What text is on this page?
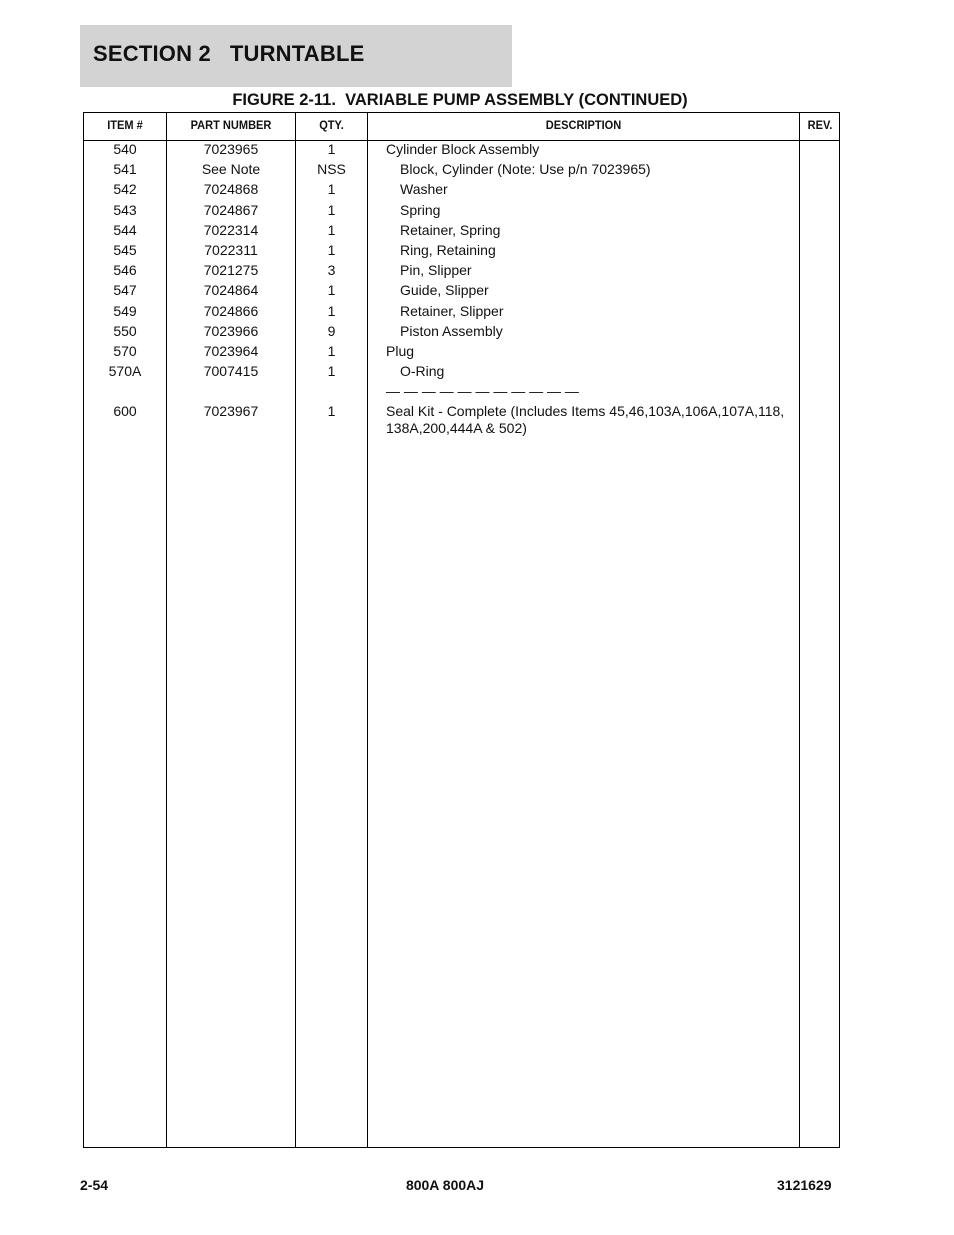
SECTION 2   TURNTABLE
FIGURE 2-11.  VARIABLE PUMP ASSEMBLY (CONTINUED)
ITEM #	PART NUMBER	QTY.	DESCRIPTION	REV.
540	7023965	1	Cylinder Block Assembly
541	See Note	NSS	Block, Cylinder (Note: Use p/n 7023965)
542	7024868	1	Washer
543	7024867	1	Spring
544	7022314	1	Retainer, Spring
545	7022311	1	Ring, Retaining
546	7021275	3	Pin, Slipper
547	7024864	1	Guide, Slipper
549	7024866	1	Retainer, Slipper
550	7023966	9	Piston Assembly
570	7023964	1	Plug
570A	7007415	1	O-Ring
— — — — — — — — — — —
600	7023967	1	Seal Kit - Complete (Includes Items 45,46,103A,106A,107A,118, 138A,200,444A & 502)
2-54	800A 800AJ	3121629
